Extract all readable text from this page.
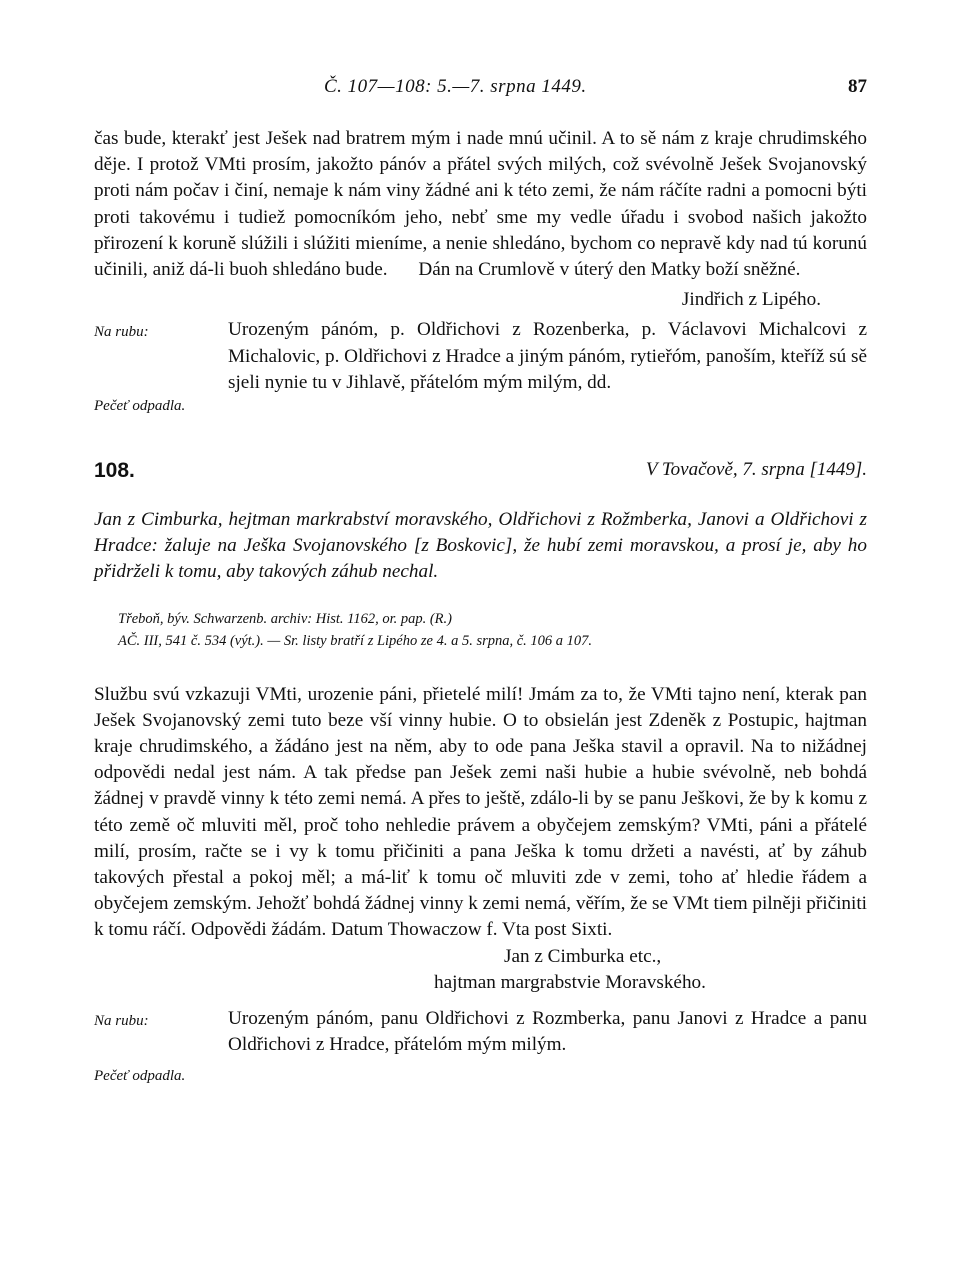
Č. 107—108: 5.—7. srpna 1449.	87
čas bude, kterakť jest Ješek nad bratrem mým i nade mnú učinil. A to sě nám z kraje chrudimského děje. I protož VMti prosím, jakožto pánóv a přátel svých milých, což svévolně Ješek Svojanovský proti nám počav i činí, nemaje k nám viny žádné ani k této zemi, že nám ráčíte radni a pomocni býti proti takovému i tudiež pomocníkóm jeho, nebť sme my vedle úřadu i svobod našich jakožto přirození k koruně slúžili i slúžiti mieníme, a nenie shledáno, bychom co nepravě kdy nad tú korunú učinili, aniž dá-li buoh shledáno bude. Dán na Crumlově v úterý den Matky boží sněžné.
Jindřich z Lipého.
Na rubu:	Urozeným pánóm, p. Oldřichovi z Rozenberka, p. Václavovi Michalcovi z Michalovic, p. Oldřichovi z Hradce a jiným pánóm, rytieřóm, panoším, kteříž sú sě sjeli nynie tu v Jihlavě, přátelóm mým milým, dd.
Pečeť odpadla.
108.	V Tovačově, 7. srpna [1449].
Jan z Cimburka, hejtman markrabství moravského, Oldřichovi z Rožmberka, Janovi a Oldřichovi z Hradce: žaluje na Ješka Svojanovského [z Boskovic], že hubí zemi moravskou, a prosí je, aby ho přidrželi k tomu, aby takových záhub nechal.
Třeboň, býv. Schwarzenb. archiv: Hist. 1162, or. pap. (R.)
AČ. III, 541 č. 534 (výt.). — Sr. listy bratří z Lipého ze 4. a 5. srpna, č. 106 a 107.
Službu svú vzkazuji VMti, urozenie páni, přietelé milí! Jmám za to, že VMti tajno není, kterak pan Ješek Svojanovský zemi tuto beze vší vinny hubie. O to obsielán jest Zdeněk z Postupic, hajtman kraje chrudimského, a žádáno jest na něm, aby to ode pana Ješka stavil a opravil. Na to nižádnej odpovědi nedal jest nám. A tak předse pan Ješek zemi naši hubie a hubie svévolně, neb bohdá žádnej v pravdě vinny k této zemi nemá. A přes to ještě, zdálo-li by se panu Ješkovi, že by k komu z této země oč mluviti měl, proč toho nehledie právem a obyčejem zemským? VMti, páni a přátelé milí, prosím, račte se i vy k tomu přičiniti a pana Ješka k tomu držeti a navésti, ať by záhub takových přestal a pokoj měl; a má-liť k tomu oč mluviti zde v zemi, toho ať hledie řádem a obyčejem zemským. Jehožť bohdá žádnej vinny k zemi nemá, věřím, že se VMt tiem pilněji přičiniti k tomu ráčí. Odpovědi žádám. Datum Thowaczow f. Vta post Sixti.
Jan z Cimburka etc.,
hajtman margrabstvie Moravského.
Na rubu:	Urozeným pánóm, panu Oldřichovi z Rozmberka, panu Janovi z Hradce a panu Oldřichovi z Hradce, přátelóm mým milým.
Pečeť odpadla.
